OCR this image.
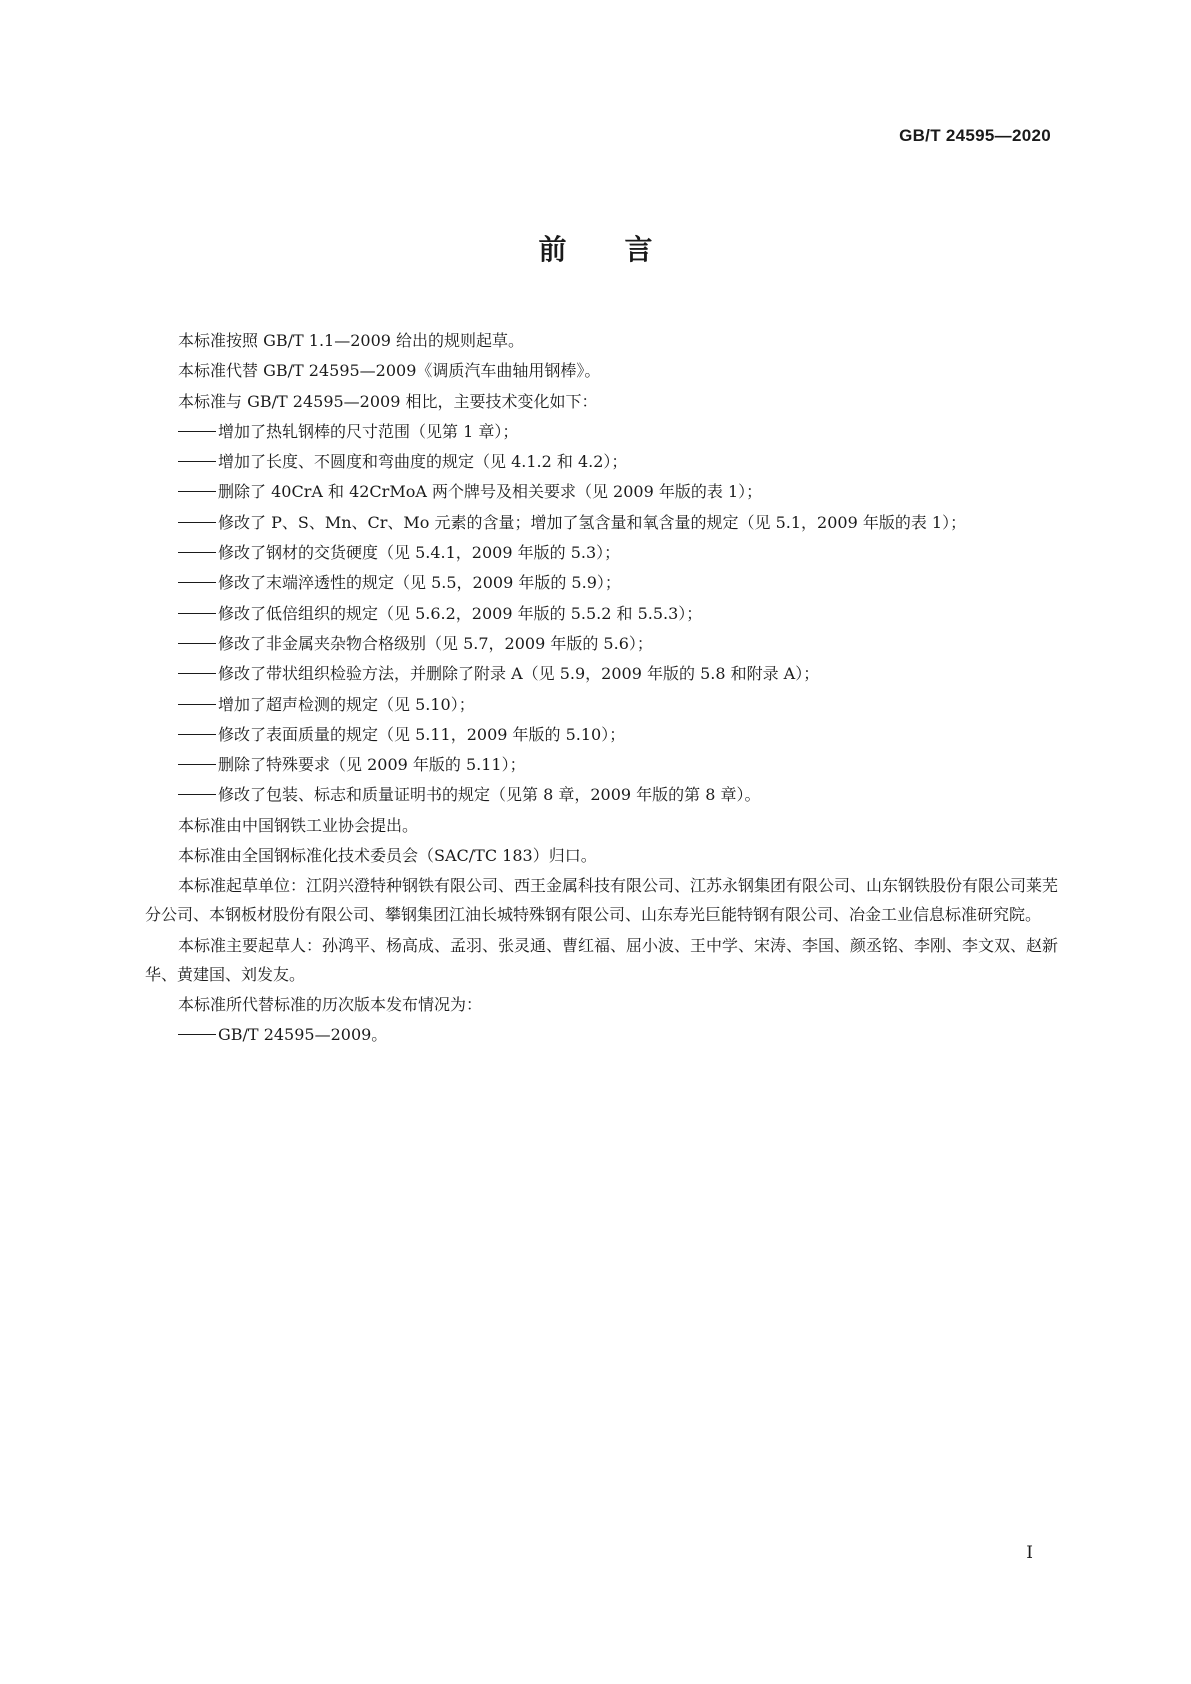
GB/T 24595—2020
前言

本标准按照 GB/T 1.1—2009 给出的规则起草。

本标准代替 GB/T 24595—2009《调质汽车曲轴用钢棒》。

本标准与 GB/T 24595—2009 相比，主要技术变化如下：

增加了热轧钢棒的尺寸范围（见第 1 章）；
增加了长度、不圆度和弯曲度的规定（见 4.1.2 和 4.2）；
删除了 40CrA 和 42CrMoA 两个牌号及相关要求（见 2009 年版的表 1）；
修改了 P、S、Mn、Cr、Mo 元素的含量；增加了氢含量和氧含量的规定（见 5.1，2009 年版的表 1）；
修改了钢材的交货硬度（见 5.4.1，2009 年版的 5.3）；
修改了末端淬透性的规定（见 5.5，2009 年版的 5.9）；
修改了低倍组织的规定（见 5.6.2，2009 年版的 5.5.2 和 5.5.3）；
修改了非金属夹杂物合格级别（见 5.7，2009 年版的 5.6）；
修改了带状组织检验方法，并删除了附录 A（见 5.9，2009 年版的 5.8 和附录 A）；
增加了超声检测的规定（见 5.10）；
修改了表面质量的规定（见 5.11，2009 年版的 5.10）；
删除了特殊要求（见 2009 年版的 5.11）；
修改了包装、标志和质量证明书的规定（见第 8 章，2009 年版的第 8 章）。

本标准由中国钢铁工业协会提出。

本标准由全国钢标准化技术委员会（SAC/TC 183）归口。

本标准起草单位：江阴兴澄特种钢铁有限公司、西王金属科技有限公司、江苏永钢集团有限公司、山东钢铁股份有限公司莱芜分公司、本钢板材股份有限公司、攀钢集团江油长城特殊钢有限公司、山东寿光巨能特钢有限公司、冶金工业信息标准研究院。

本标准主要起草人：孙鸿平、杨高成、孟羽、张灵通、曹红福、屈小波、王中学、宋涛、李国、颜丞铭、李刚、李文双、赵新华、黄建国、刘发友。

本标准所代替标准的历次版本发布情况为：

GB/T 24595—2009。
I
